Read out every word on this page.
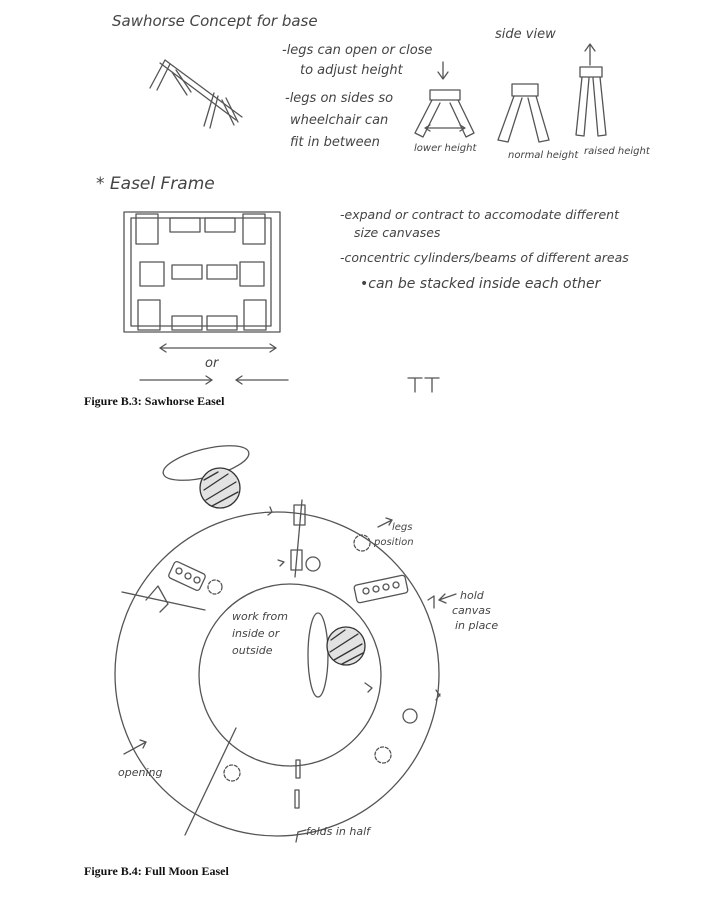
Sawhorse Concept for base
-legs can open or close
to adjust height
-legs on sides so
wheelchair can
fit in between
side view
lower height
normal height raised height
* Easel Frame
-expand or contract to accomodate different
size canvases
-concentric cylinders/beams of different areas
•can be stacked inside each other
or
work from
inside or
outside
legs
position
hold
canvas
in place
opening
folds in half
Figure B.3: Sawhorse Easel
Figure B.4: Full Moon Easel
